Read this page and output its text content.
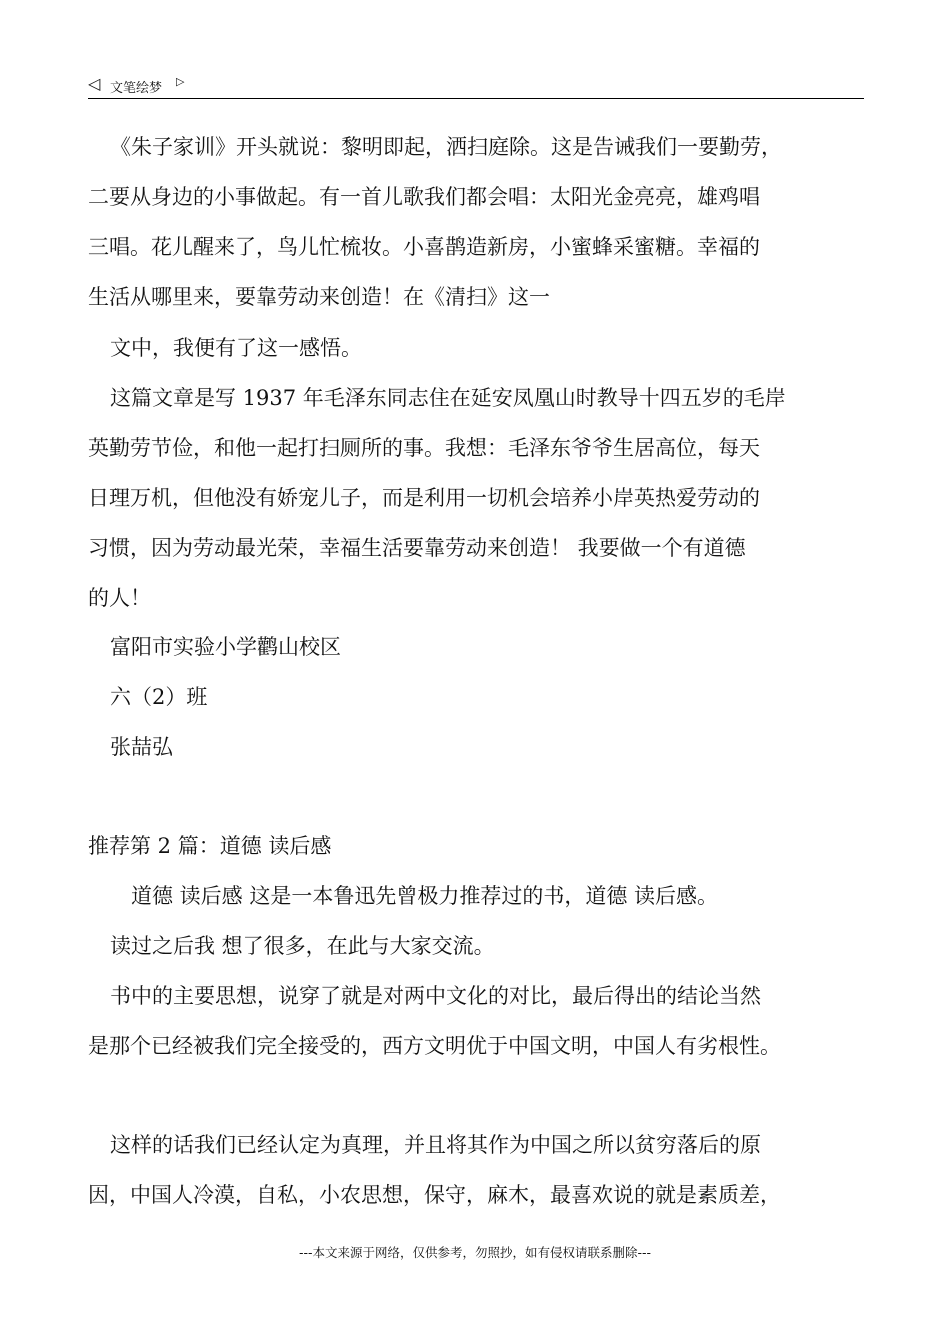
◁ 文笔绘梦 ▷
《朱子家训》开头就说：黎明即起，洒扫庭除。这是告诫我们一要勤劳，
二要从身边的小事做起。有一首儿歌我们都会唱：太阳光金亮亮，雄鸡唱
三唱。花儿醒来了，鸟儿忙梳妆。小喜鹊造新房，小蜜蜂采蜜糖。幸福的
生活从哪里来，要靠劳动来创造！在《清扫》这一
文中，我便有了这一感悟。
这篇文章是写 1937 年毛泽东同志住在延安凤凰山时教导十四五岁的毛岸
英勤劳节俭，和他一起打扫厕所的事。我想：毛泽东爷爷生居高位，每天
日理万机，但他没有娇宠儿子，而是利用一切机会培养小岸英热爱劳动的
习惯，因为劳动最光荣，幸福生活要靠劳动来创造！ 我要做一个有道德
的人！
富阳市实验小学鹳山校区
六（2）班
张喆弘
推荐第 2 篇：道德 读后感
道德 读后感 这是一本鲁迅先曾极力推荐过的书，道德 读后感。
读过之后我 想了很多，在此与大家交流。
书中的主要思想，说穿了就是对两中文化的对比，最后得出的结论当然
是那个已经被我们完全接受的，西方文明优于中国文明，中国人有劣根性。
这样的话我们已经认定为真理，并且将其作为中国之所以贫穷落后的原
因，中国人冷漠，自私，小农思想，保守，麻木，最喜欢说的就是素质差，
---本文来源于网络，仅供参考，勿照抄，如有侵权请联系删除---
